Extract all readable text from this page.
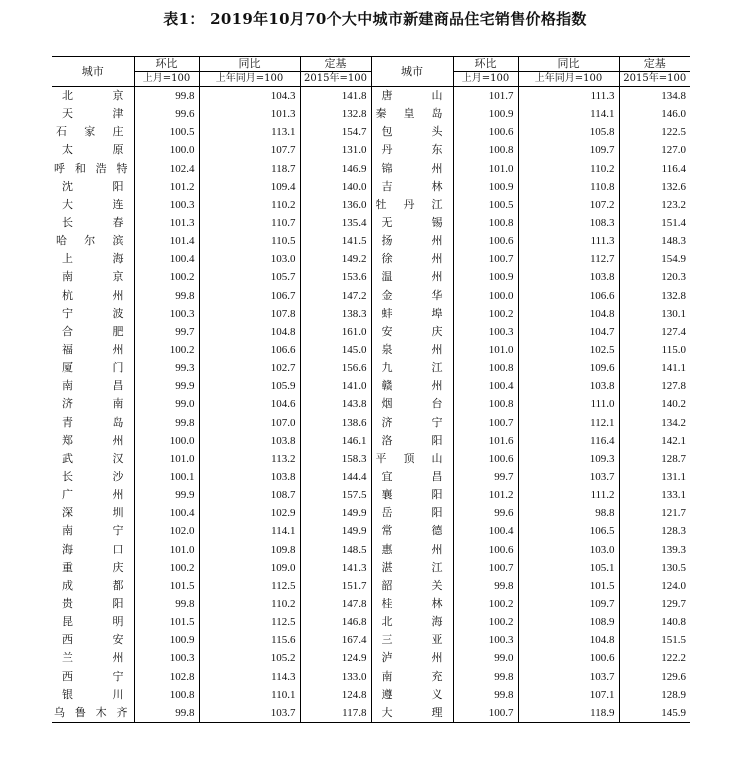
表1： 2019年10月70个大中城市新建商品住宅销售价格指数
城市	环比	同比	定基	城市	环比	同比	定基
	上月=100	上年同月=100	2015年=100		上月=100	上年同月=100	2015年=100
北京	99.8	104.3	141.8	唐山	101.7	111.3	134.8
天津	99.6	101.3	132.8	秦皇岛	100.9	114.1	146.0
石家庄	100.5	113.1	154.7	包头	100.6	105.8	122.5
太原	100.0	107.7	131.0	丹东	100.8	109.7	127.0
呼和浩特	102.4	118.7	146.9	锦州	101.0	110.2	116.4
沈阳	101.2	109.4	140.0	吉林	100.9	110.8	132.6
大连	100.3	110.2	136.0	牡丹江	100.5	107.2	123.2
长春	101.3	110.7	135.4	无锡	100.8	108.3	151.4
哈尔滨	101.4	110.5	141.5	扬州	100.6	111.3	148.3
上海	100.4	103.0	149.2	徐州	100.7	112.7	154.9
南京	100.2	105.7	153.6	温州	100.9	103.8	120.3
杭州	99.8	106.7	147.2	金华	100.0	106.6	132.8
宁波	100.3	107.8	138.3	蚌埠	100.2	104.8	130.1
合肥	99.7	104.8	161.0	安庆	100.3	104.7	127.4
福州	100.2	106.6	145.0	泉州	101.0	102.5	115.0
厦门	99.3	102.7	156.6	九江	100.8	109.6	141.1
南昌	99.9	105.9	141.0	赣州	100.4	103.8	127.8
济南	99.0	104.6	143.8	烟台	100.8	111.0	140.2
青岛	99.8	107.0	138.6	济宁	100.7	112.1	134.2
郑州	100.0	103.8	146.1	洛阳	101.6	116.4	142.1
武汉	101.0	113.2	158.3	平顶山	100.6	109.3	128.7
长沙	100.1	103.8	144.4	宜昌	99.7	103.7	131.1
广州	99.9	108.7	157.5	襄阳	101.2	111.2	133.1
深圳	100.4	102.9	149.9	岳阳	99.6	98.8	121.7
南宁	102.0	114.1	149.9	常德	100.4	106.5	128.3
海口	101.0	109.8	148.5	惠州	100.6	103.0	139.3
重庆	100.2	109.0	141.3	湛江	100.7	105.1	130.5
成都	101.5	112.5	151.7	韶关	99.8	101.5	124.0
贵阳	99.8	110.2	147.8	桂林	100.2	109.7	129.7
昆明	101.5	112.5	146.8	北海	100.2	108.9	140.8
西安	100.9	115.6	167.4	三亚	100.3	104.8	151.5
兰州	100.3	105.2	124.9	泸州	99.0	100.6	122.2
西宁	102.8	114.3	133.0	南充	99.8	103.7	129.6
银川	100.8	110.1	124.8	遵义	99.8	107.1	128.9
乌鲁木齐	99.8	103.7	117.8	大理	100.7	118.9	145.9
